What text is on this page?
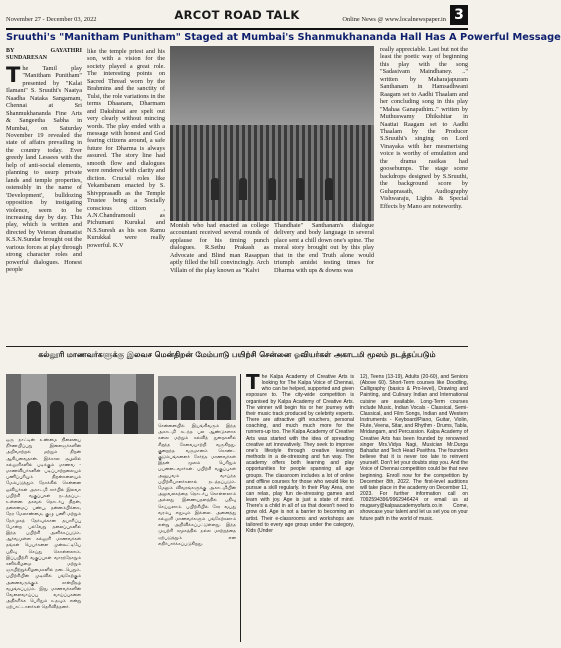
November 27 - December 03, 2022	ARCOT ROAD TALK	Online News @ www.localnewspaper.in 3
Sruuthi's "Manitham Punitham" Staged at Mumbai's Shanmukhananda Hall Has A Powerful Message
BY GAYATHRI SUNDARESAN
T he Tamil play "Manitham Punitham" presented by "Kalai Ilamani" S. Sruuthi's Naatya Naadha Nataka Sangamam, Chennai at Sri Shanmukhananda Fine Arts & Sangeetha Sabha in Mumbai, on Saturday November 19 revealed the state of affairs prevailing in the country today. Ever greedy land Lessees with the help of anti-social elements, planning to usurp private lands and temple properties, ostensibly in the name of 'Development', bulldozing opposition by instigating violence, seem to be increasing day by day. This play, which is written and directed by Veteran dramatist K.S.N.Sundar brought out the various forces at play through strong character roles and powerful dialogues. Honest people
like the temple priest and his son, with a vision for the society played a great role. The interesting points on Sacred Thread worn by the Brahmins and the sanctity of Tulsi, the role variations in the terms Dhaanam, Dharmam and Dakshinai are spelt out very clearly without mincing words. The play ended with a message with honest and God fearing citizens around, a safe future for Dharma is always assured. The story line had smooth flow and dialogues were rendered with clarity and diction. Crucial roles like Yekambaram enacted by S. Shivpprasadh as the Temple Trustee being a Socially conscious citizen , A.N.Chandramouli as Pichumani Kurukal and N.S.Suresh as his son Ramu Kurukkal were really powerful. K.V
Monish who had enacted as college accountant received several rounds of applause for his timing punch dialogues. R.Sethu Prakash as Advocate and Blind man Rasappan aptly filled the bill convincingly. Arch Villain of the play known as "Kalvi
Thandhaie" Santhanam's dialogue delivery and body language in several place sent a chill down one's spine. The moral story brought out by this play that in the end Truth alone would triumph amidst testing times for Dharma with ups & downs was
really appreciable. Last but not the least the poetic way of beginning this play with the song "Sadasivam Maindhaney. .." written by Maharajapuram Santhanam in Hamsadhwani Raagam set to Aadhi Thaalam and her concluding song in this play "Mahaa Ganapathim.." written by Muthuswamy Dhikshitar in Naattai Raagam set to Aadhi Thaalam by the Producer S.Sruuthi's singing on Lord Vinayaka with her mesmerising voice is worthy of emulation and the drama rasikas had goosebumps. The stage scene backdrops designed by S.Sruuthi, the background score by Guhaprasath, Audiography Vishwaraju, Lights & Special Effects by Mano are noteworthy.
கல்லூரி மாணவர்களுக்கு இலவச மென்திறன் மேம்பாடு பயிற்சி சென்னை ஓவியர்கள் அகாடமி மூலம் நடத்தப்படும்
ஒரு நாட்டின் உண்மை நிலையை நிர்ணயிப்பது இளைஞர்களின் அறிவாற்றல் மற்றும் திறன் ஆகியவைதான். இக்கால சூழலில் கல்லூரிகளில் படிக்கும் மாணவ - மாணவியர்களின் படிப்பாற்றலையும் பணிப்புரியும் திறன்களையும் மேம்படுத்தும் நோக்கில் சென்னை ஓவியர்கள் அகாடமி சார்பில் இலவச பயிற்சி வகுப்புகள் நடத்தப்பட உள்ளன. தகவல் தொடர்பு திறன், தலைமைப் பண்பு, தன்னம்பிக்கை, நேர மேலாண்மை, குழு பணி மற்றும் நேர்முகத் தேர்வுக்கான தயாரிப்பு போன்ற பல்வேறு தலைப்புகளில் இந்த பயிற்சி அளிக்கப்படும். ஆர்வமுள்ள கல்லூரி மாணவர்கள் தங்கள் பெயர்களை முன்கூட்டியே பதிவு செய்து கொள்ளலாம். இப்பயிற்சி வகுப்புகள் வாரந்தோறும் சனிக்கிழமை மற்றும் ஞாயிற்றுக்கிழமைகளில் நடைபெறும். பயிற்சியின் முடிவில் பங்கேற்கும் அனைவருக்கும் சான்றிதழ் வழங்கப்படும். இது மாணவர்களின் வேலைவாய்ப்பு வாய்ப்புகளை அதிகரிக்க பெரிதும் உதவும் என்று ஏற்பாட்டாளர்கள் தெரிவித்தனர்.
சென்னையில் இயங்கிவரும் இந்த அகாடமி கடந்த பல ஆண்டுகளாக கலை மற்றும் கல்வித் துறைகளில் சிறந்த சேவையாற்றி வருகிறது. குறைந்த வருமானம் கொண்ட குடும்பங்களைச் சேர்ந்த மாணவர்கள் இதன் மூலம் பெரிதும் பயனடைவார்கள். பயிற்சி வகுப்புகள் அனுபவம் வாய்ந்த பயிற்சியாளர்களால் நடத்தப்படும். மேலும் விவரங்களுக்கு அகாடமியின் அலுவலகத்தை தொடர்பு கொள்ளலாம் அல்லது இணையதளத்தில் பதிவு செய்யலாம். பயிற்சியில் சேர வயது வரம்பு எதுவும் இல்லை. அனைத்து கல்லூரி மாணவர்களும் பங்கேற்கலாம் என்று அறிவிக்கப்பட்டுள்ளது. இந்த முயற்சி சமூகத்தில் நல்ல மாற்றத்தை ஏற்படுத்தும் என எதிர்பார்க்கப்படுகிறது.
The Kalpa Academy of Creative Arts is looking for The Kalpa Voice of Chennai, who can be helped, supported and given exposure to. The city-wide competition is organised by Kalpa Academy of Creative Arts. The winner will begin his or her journey with their music track produced by celebrity experts. There are attractive gift vouchers, personal coaching, and much much more for the runners-up too. The Kalpa Academy of Creative Arts was started with the idea of spreading creative art innovatively. They seek to improve one's lifestyle through creative learning methods in a de-stressing and fun way. The academy offers both learning and play opportunities for people spanning all age groups. The classroom includes a lot of online and offline courses for those who would like to pursue a skill regularly. In their Play Area, one can relax, play fun de-stressing games and learn with joy. Age is just a state of mind. There's a child in all of us that doesn't need to grow old. Age is not a barrier to becoming an artist. Their e-classrooms and workshops are tailored to every age group under the category, Kids (Under
12), Teens (13-19), Adults (20-60), and Seniors (Above 60). Short-Term courses like Doodling, Calligraphy (basics & Pro-level), Drawing and Painting, and Culinary Indian and International cuisine are available. Long-Term courses include Music, Indian Vocals - Classical, Semi-Classical, and Film Songs, Indian and Western Instruments - Keyboard/Piano, Guitar, Violin, Flute, Veena, Sitar, and Rhythm - Drums, Tabla, Mridangam, and Percussion. Kalpa Academy of Creative Arts has been founded by renowned singer Mrs.Vidya Nagi, Musician Mr.Durga Bahadur and Tech Head Pavithra. The founders believe that it is never too late to reinvent yourself. Don't let your doubts stop you. And the Voice of Chennai competition could be that new beginning. Enroll now for the competition by December 8th, 2022. The first-level auditions will take place in the academy on December 11, 2023. For further information call on 7092594396/9962946424 or email us at mugavry@kalpaacademyofarts.co.in Come, showcase your talent and let us set you on your future path in the world of music.
